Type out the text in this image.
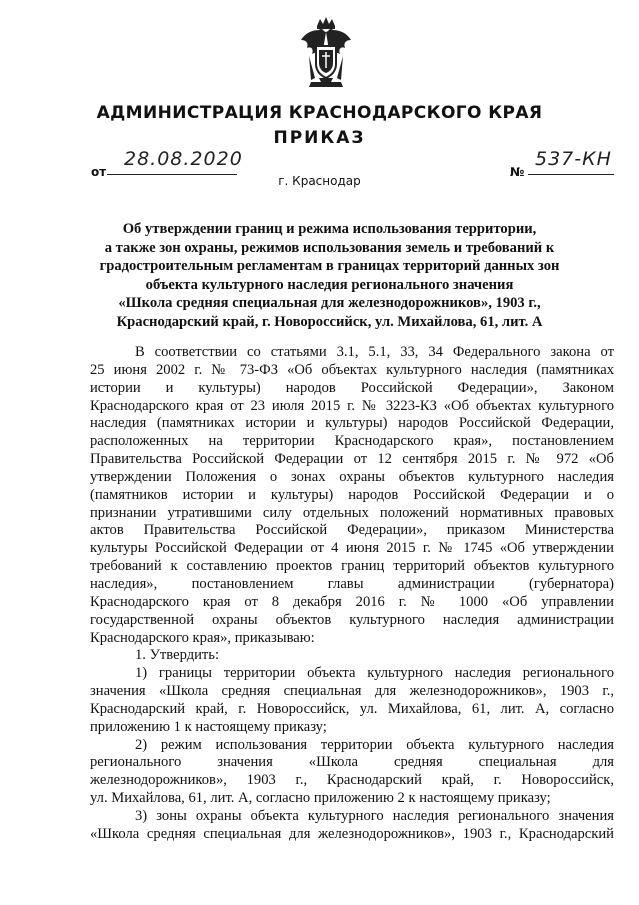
АДМИНИСТРАЦИЯ КРАСНОДАРСКОГО КРАЯ
ПРИКАЗ
от
28.08.2020
№
537-КН
г. Краснодар
Об утверждении границ и режима использования территории,
а также зон охраны, режимов использования земель и требований к
градостроительным регламентам в границах территорий данных зон
объекта культурного наследия регионального значения
«Школа средняя специальная для железнодорожников», 1903 г.,
Краснодарский край, г. Новороссийск, ул. Михайлова, 61, лит. А
В соответствии со статьями 3.1, 5.1, 33, 34 Федерального закона от
25 июня 2002 г. № 73-ФЗ «Об объектах культурного наследия (памятниках
истории и культуры) народов Российской Федерации», Законом
Краснодарского края от 23 июля 2015 г. № 3223-КЗ «Об объектах культурного
наследия (памятниках истории и культуры) народов Российской Федерации,
расположенных на территории Краснодарского края», постановлением
Правительства Российской Федерации от 12 сентября 2015 г. № 972 «Об
утверждении Положения о зонах охраны объектов культурного наследия
(памятников истории и культуры) народов Российской Федерации и о
признании утратившими силу отдельных положений нормативных правовых
актов Правительства Российской Федерации», приказом Министерства
культуры Российской Федерации от 4 июня 2015 г. № 1745 «Об утверждении
требований к составлению проектов границ территорий объектов культурного
наследия», постановлением главы администрации (губернатора)
Краснодарского края от 8 декабря 2016 г. № 1000 «Об управлении
государственной охраны объектов культурного наследия администрации
Краснодарского края», приказываю:
1. Утвердить:
1) границы территории объекта культурного наследия регионального
значения «Школа средняя специальная для железнодорожников», 1903 г.,
Краснодарский край, г. Новороссийск, ул. Михайлова, 61, лит. А, согласно
приложению 1 к настоящему приказу;
2) режим использования территории объекта культурного наследия
регионального значения «Школа средняя специальная для
железнодорожников», 1903 г., Краснодарский край, г. Новороссийск,
ул. Михайлова, 61, лит. А, согласно приложению 2 к настоящему приказу;
3) зоны охраны объекта культурного наследия регионального значения
«Школа средняя специальная для железнодорожников», 1903 г., Краснодарский
